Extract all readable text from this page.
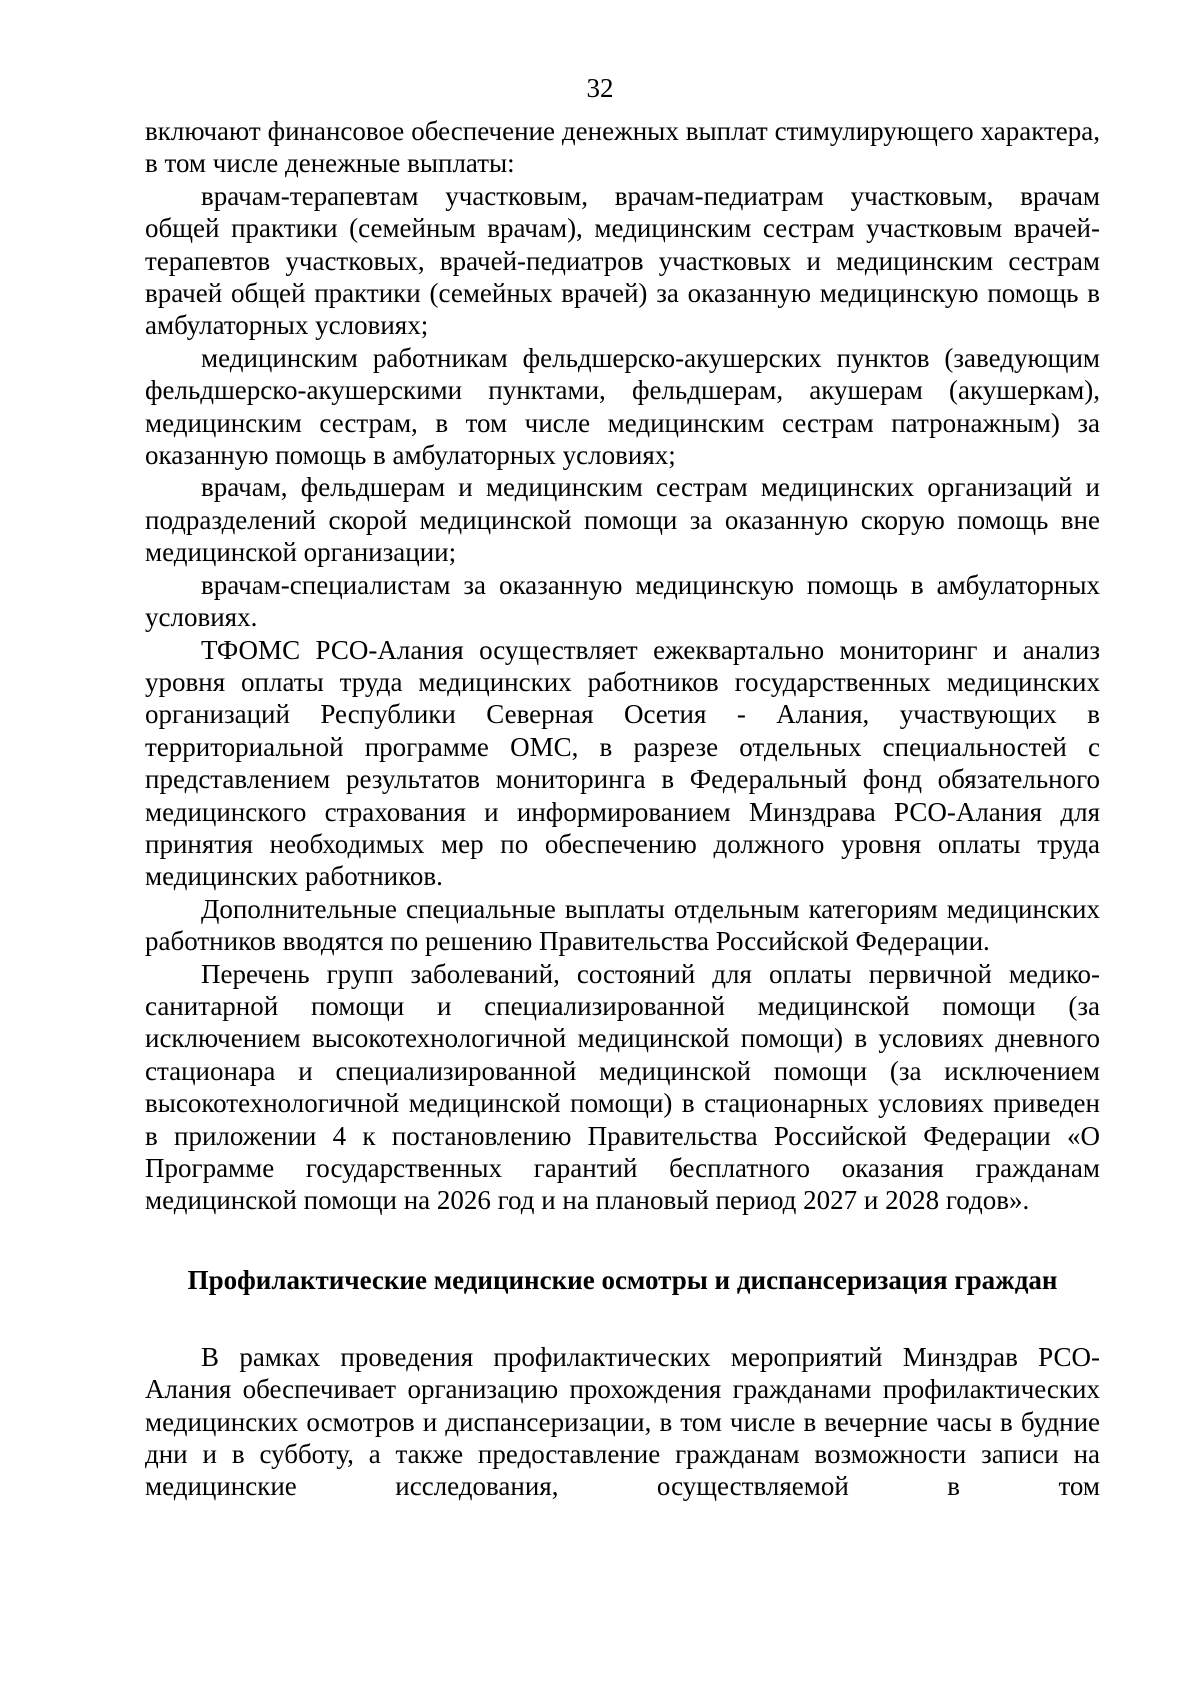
32

включают финансовое обеспечение денежных выплат стимулирующего характера, в том числе денежные выплаты:

врачам-терапевтам участковым, врачам-педиатрам участковым, врачам общей практики (семейным врачам), медицинским сестрам участковым врачей-терапевтов участковых, врачей-педиатров участковых и медицинским сестрам врачей общей практики (семейных врачей) за оказанную медицинскую помощь в амбулаторных условиях;

медицинским работникам фельдшерско-акушерских пунктов (заведующим фельдшерско-акушерскими пунктами, фельдшерам, акушерам (акушеркам), медицинским сестрам, в том числе медицинским сестрам патронажным) за оказанную помощь в амбулаторных условиях;

врачам, фельдшерам и медицинским сестрам медицинских организаций и подразделений скорой медицинской помощи за оказанную скорую помощь вне медицинской организации;

врачам-специалистам за оказанную медицинскую помощь в амбулаторных условиях.

ТФОМС РСО-Алания осуществляет ежеквартально мониторинг и анализ уровня оплаты труда медицинских работников государственных медицинских организаций Республики Северная Осетия - Алания, участвующих в территориальной программе ОМС, в разрезе отдельных специальностей с представлением результатов мониторинга в Федеральный фонд обязательного медицинского страхования и информированием Минздрава РСО-Алания для принятия необходимых мер по обеспечению должного уровня оплаты труда медицинских работников.

Дополнительные специальные выплаты отдельным категориям медицинских работников вводятся по решению Правительства Российской Федерации.

Перечень групп заболеваний, состояний для оплаты первичной медико-санитарной помощи и специализированной медицинской помощи (за исключением высокотехнологичной медицинской помощи) в условиях дневного стационара и специализированной медицинской помощи (за исключением высокотехнологичной медицинской помощи) в стационарных условиях приведен в приложении 4 к постановлению Правительства Российской Федерации «О Программе государственных гарантий бесплатного оказания гражданам медицинской помощи на 2026 год и на плановый период 2027 и 2028 годов».

Профилактические медицинские осмотры и диспансеризация граждан

В рамках проведения профилактических мероприятий Минздрав РСО-Алания обеспечивает организацию прохождения гражданами профилактических медицинских осмотров и диспансеризации, в том числе в вечерние часы в будние дни и в субботу, а также предоставление гражданам возможности записи на медицинские исследования, осуществляемой в том
